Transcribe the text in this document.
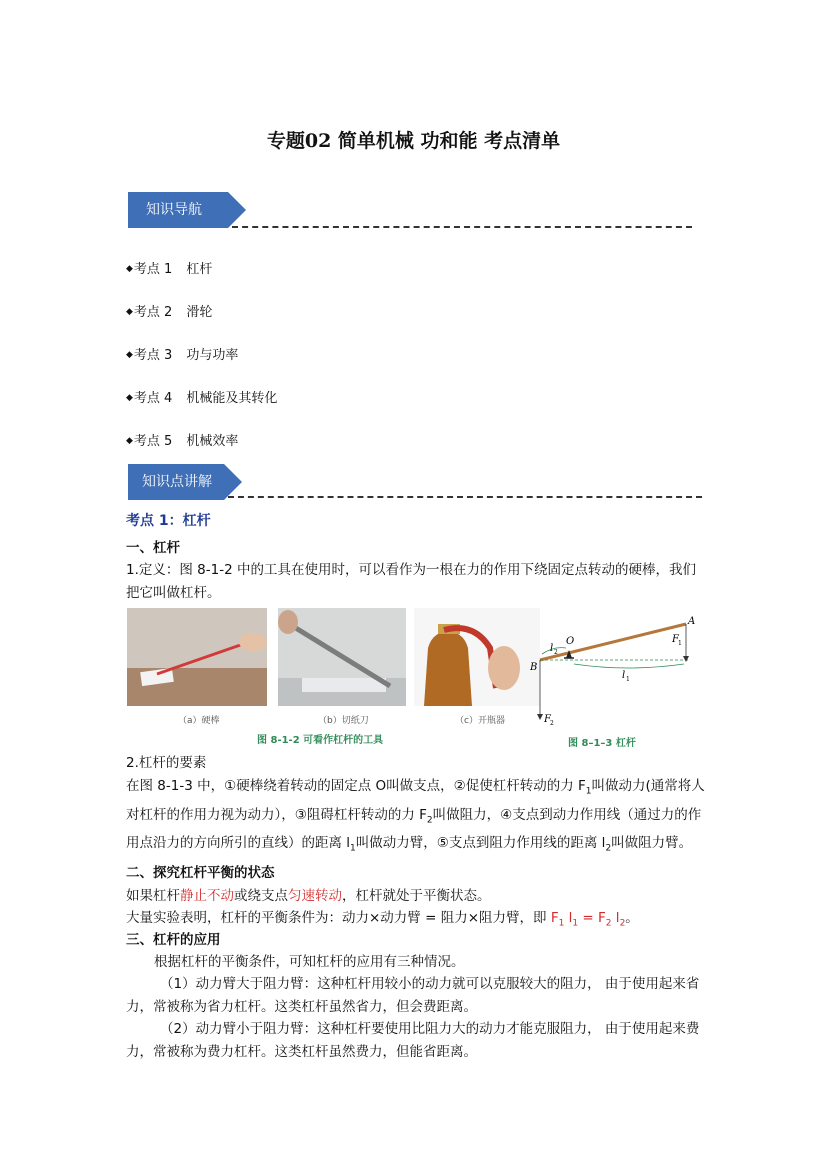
专题02 简单机械 功和能 考点清单
知识导航
◆考点 1 杠杆
◆考点 2 滑轮
◆考点 3 功与功率
◆考点 4 机械能及其转化
◆考点 5 机械效率
知识点讲解
考点 1：杠杆
一、杠杆
1.定义：图 8-1-2 中的工具在使用时，可以看作为一根在力的作用下绕固定点转动的硬棒，我们把它叫做杠杆。
（a）硬棒	（b）切纸刀	（c）开瓶器
图 8-1-2 可看作杠杆的工具
A
B
O	F 1
F 2
l 1
l 2
图 8–1–3 杠杆
2.杠杆的要素
在图 8-1-3 中，①硬棒绕着转动的固定点 O叫做支点，②促使杠杆转动的力 $F_1$叫做动力(通常将人对杠杆的作用力视为动力），③阻碍杠杆转动的力 $F_2$叫做阻力，④支点到动力作用线（通过力的作用点沿力的方向所引的直线）的距离 $l_1$叫做动力臂，⑤支点到阻力作用线的距离 $l_2$叫做阻力臂。
二、探究杠杆平衡的状态
如果杠杆静止不动或绕支点匀速转动，杠杆就处于平衡状态。
大量实验表明，杠杆的平衡条件为：动力×动力臂 = 阻力×阻力臂，即 $F_1$ $l_1 = F_2$ $l_2$。
三、杠杆的应用
根据杠杆的平衡条件，可知杠杆的应用有三种情况。
（1）动力臂大于阻力臂：这种杠杆用较小的动力就可以克服较大的阻力， 由于使用起来省力，常被称为省力杠杆。这类杠杆虽然省力，但会费距离。
（2）动力臂小于阻力臂：这种杠杆要使用比阻力大的动力才能克服阻力， 由于使用起来费力，常被称为费力杠杆。这类杠杆虽然费力，但能省距离。
